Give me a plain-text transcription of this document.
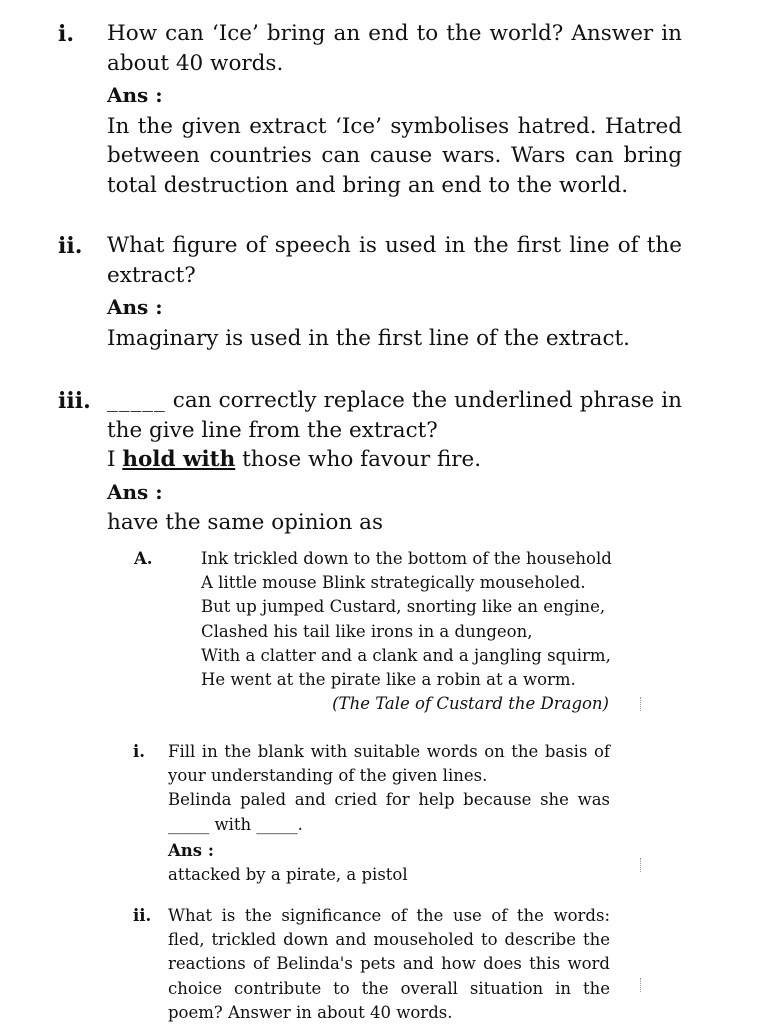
i. How can ‘Ice’ bring an end to the world? Answer in about 40 words.

Ans :

In the given extract ‘Ice’ symbolises hatred. Hatred between countries can cause wars. Wars can bring total destruction and bring an end to the world.

ii. What figure of speech is used in the first line of the extract?

Ans :

Imaginary is used in the first line of the extract.

iii. _____ can correctly replace the underlined phrase in the give line from the extract?

I hold with those who favour fire.

Ans :

have the same opinion as

A.	Ink trickled down to the bottom of the household
A little mouse Blink strategically mouseholed.
But up jumped Custard, snorting like an engine,
Clashed his tail like irons in a dungeon,
With a clatter and a clank and a jangling squirm,
He went at the pirate like a robin at a worm.
(The Tale of Custard the Dragon)
i. Fill in the blank with suitable words on the basis of your understanding of the given lines.
Belinda paled and cried for help because she was
_____ with _____.
Ans :
attacked by a pirate, a pistol
ii. What is the significance of the use of the words: fled, trickled down and mouseholed to describe the reactions of Belinda's pets and how does this word choice contribute to the overall situation in the poem? Answer in about 40 words.
